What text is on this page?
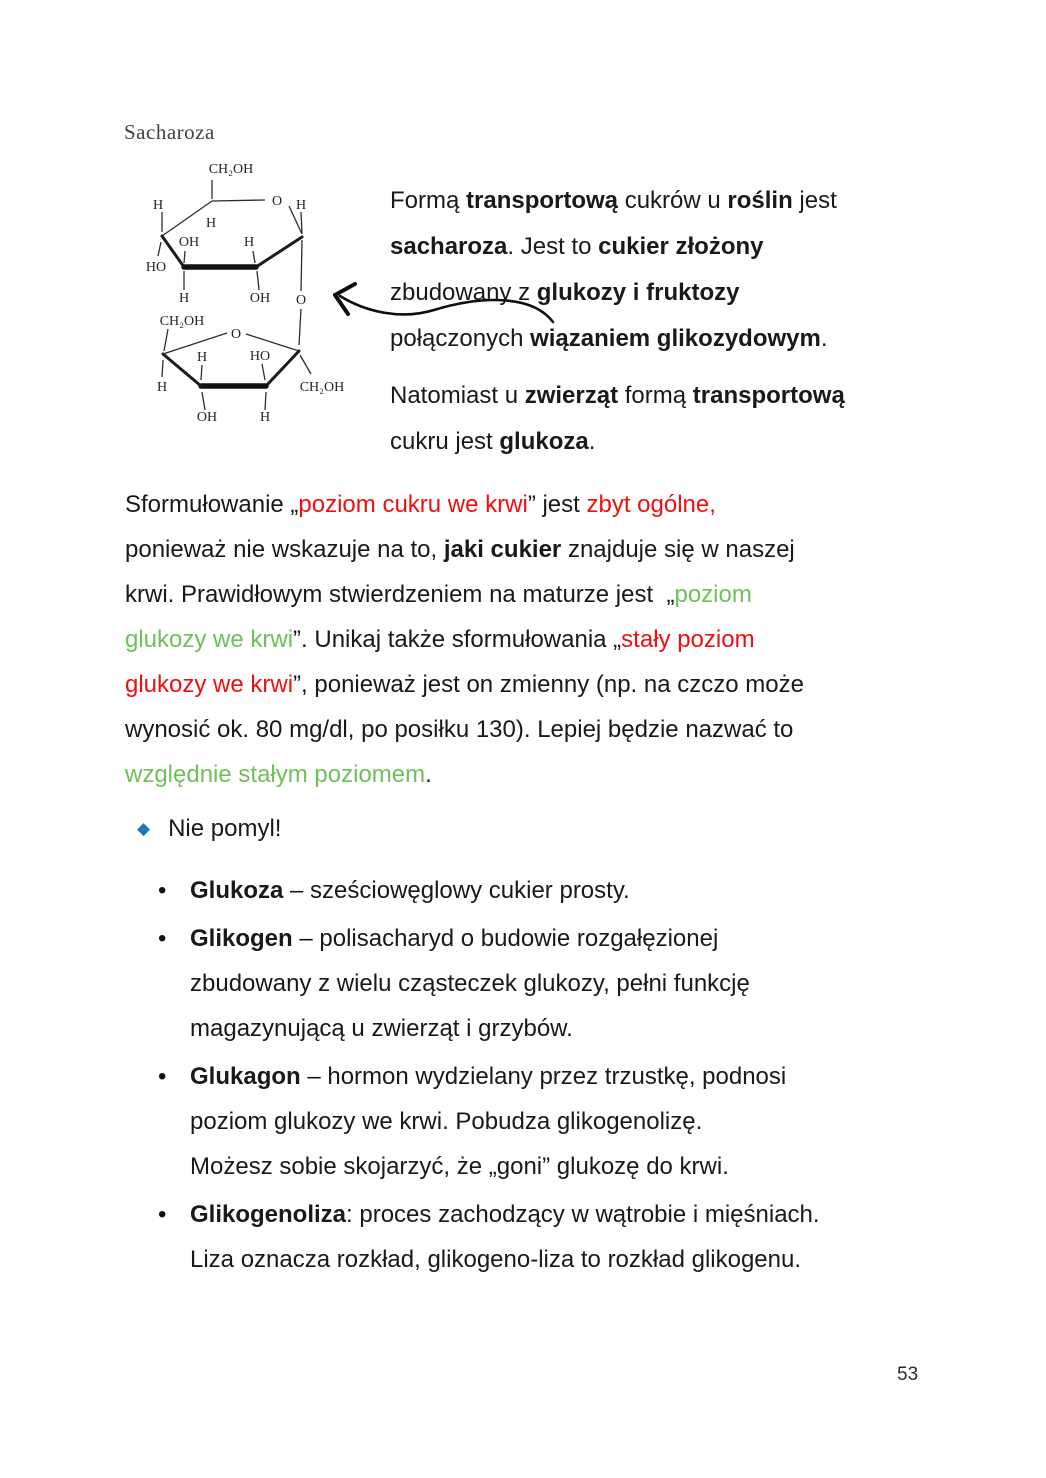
Sacharoza
CH₂OH
O
H	H
H
OH	H
HO
H	OH O
CH₂OH
O
H	HO
H	CH₂OH
OH	H
Formą transportową cukrów u roślin jest
sacharoza. Jest to cukier złożony
zbudowany z glukozy i fruktozy
połączonych wiązaniem glikozydowym.
Natomiast u zwierząt formą transportową
cukru jest glukoza.
Sformułowanie „poziom cukru we krwi” jest zbyt ogólne,
ponieważ nie wskazuje na to, jaki cukier znajduje się w naszej
krwi. Prawidłowym stwierdzeniem na maturze jest  „poziom
glukozy we krwi”. Unikaj także sformułowania „stały poziom
glukozy we krwi”, ponieważ jest on zmienny (np. na czczo może
wynosić ok. 80 mg/dl, po posiłku 130). Lepiej będzie nazwać to
względnie stałym poziomem.
◆ Nie pomyl!
• Glukoza – sześciowęglowy cukier prosty.
• Glikogen – polisacharyd o budowie rozgałęzionej
zbudowany z wielu cząsteczek glukozy, pełni funkcję
magazynującą u zwierząt i grzybów.
• Glukagon – hormon wydzielany przez trzustkę, podnosi
poziom glukozy we krwi. Pobudza glikogenolizę.
Możesz sobie skojarzyć, że „goni” glukozę do krwi.
• Glikogenoliza: proces zachodzący w wątrobie i mięśniach.
Liza oznacza rozkład, glikogeno-liza to rozkład glikogenu.
53
